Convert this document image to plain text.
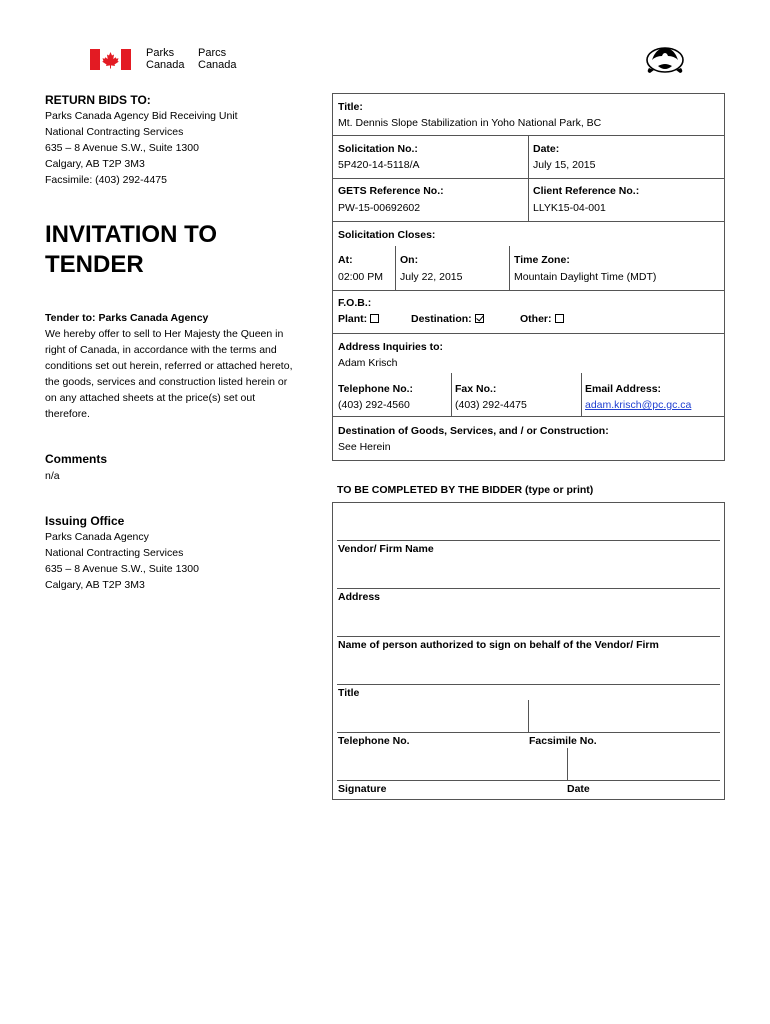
Parks
CanadaParcs
Canada
RETURN BIDS TO:
Parks Canada Agency Bid Receiving Unit
National Contracting Services
635 – 8 Avenue S.W., Suite 1300
Calgary, AB T2P 3M3
Facsimile: (403) 292-4475
INVITATION TO
TENDER
Tender to: Parks Canada Agency
We hereby offer to sell to Her Majesty the Queen in
right of Canada, in accordance with the terms and
conditions set out herein, referred or attached hereto,
the goods, services and construction listed herein or
on any attached sheets at the price(s) set out
therefore.
Comments
n/a
Issuing Office
Parks Canada Agency
National Contracting Services
635 – 8 Avenue S.W., Suite 1300
Calgary, AB T2P 3M3
Title:
Mt. Dennis Slope Stabilization in Yoho National Park, BC
Solicitation No.:
5P420-14-5118/A
Date:
July 15, 2015
GETS Reference No.:
PW-15-00692602
Client Reference No.:
LLYK15-04-001
Solicitation Closes:
At:
02:00 PM
On:
July 22, 2015
Time Zone:
Mountain Daylight Time (MDT)
F.O.B.:
Plant:	Destination:	Other:
Address Inquiries to:
Adam Krisch
Telephone No.:
(403) 292-4560
Fax No.:
(403) 292-4475
Email Address:
adam.krisch@pc.gc.ca
Destination of Goods, Services, and / or Construction:
See Herein
TO BE COMPLETED BY THE BIDDER (type or print)
Vendor/ Firm Name
Address
Name of person authorized to sign on behalf of the Vendor/ Firm
Title
Telephone No.	Facsimile No.
Signature	Date
